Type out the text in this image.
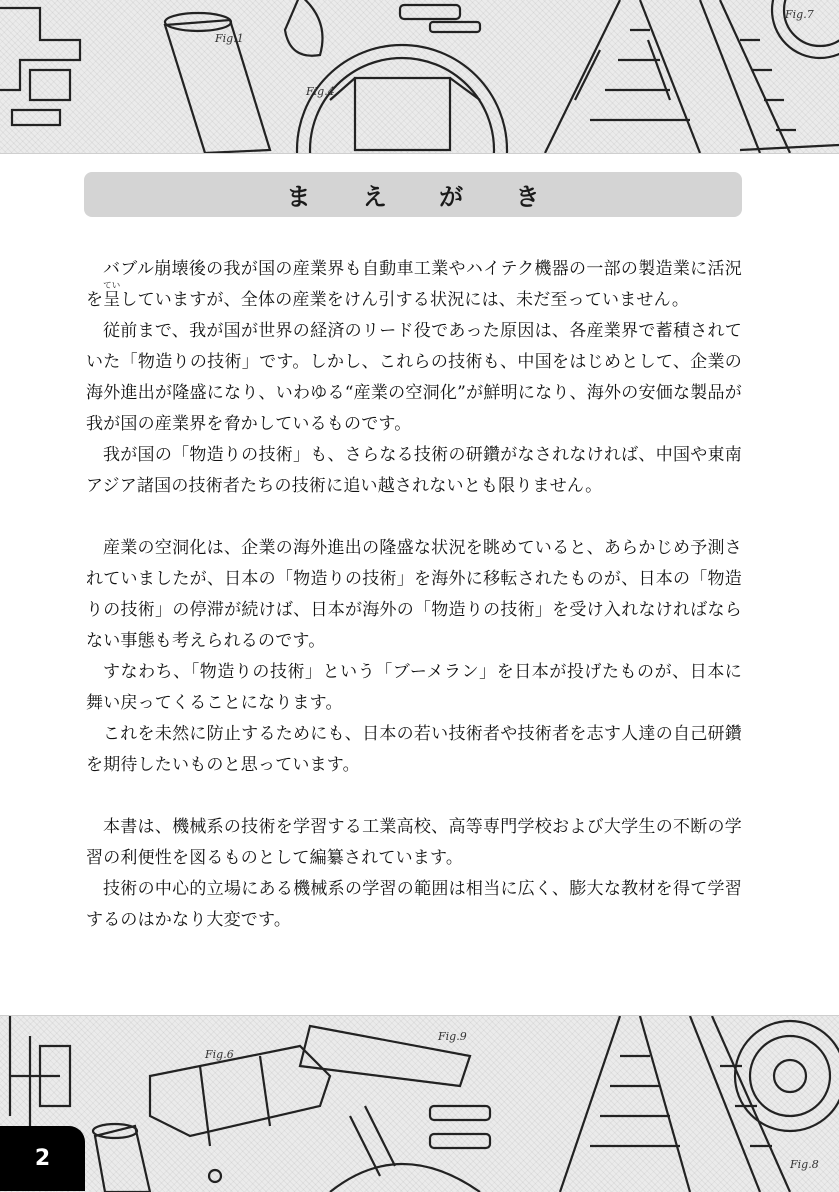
Fig.1
Fig.4
Fig.7
ま え が き

バブル崩壊後の我が国の産業界も自動車工業やハイテク機器の一部の製造業に活況を呈ていしていますが、全体の産業をけん引する状況には、未だ至っていません。

従前まで、我が国が世界の経済のリード役であった原因は、各産業界で蓄積されていた「物造りの技術」です。しかし、これらの技術も、中国をはじめとして、企業の海外進出が隆盛になり、いわゆる“産業の空洞化”が鮮明になり、海外の安価な製品が我が国の産業界を脅かしているものです。

我が国の「物造りの技術」も、さらなる技術の研鑽がなされなければ、中国や東南アジア諸国の技術者たちの技術に追い越されないとも限りません。

産業の空洞化は、企業の海外進出の隆盛な状況を眺めていると、あらかじめ予測されていましたが、日本の「物造りの技術」を海外に移転されたものが、日本の「物造りの技術」の停滞が続けば、日本が海外の「物造りの技術」を受け入れなければならない事態も考えられるのです。

すなわち、「物造りの技術」という「ブーメラン」を日本が投げたものが、日本に舞い戻ってくることになります。

これを未然に防止するためにも、日本の若い技術者や技術者を志す人達の自己研鑽を期待したいものと思っています。

本書は、機械系の技術を学習する工業高校、高等専門学校および大学生の不断の学習の利便性を図るものとして編纂されています。

技術の中心的立場にある機械系の学習の範囲は相当に広く、膨大な教材を得て学習するのはかなり大変です。

Fig.6
Fig.9
Fig.8
2
